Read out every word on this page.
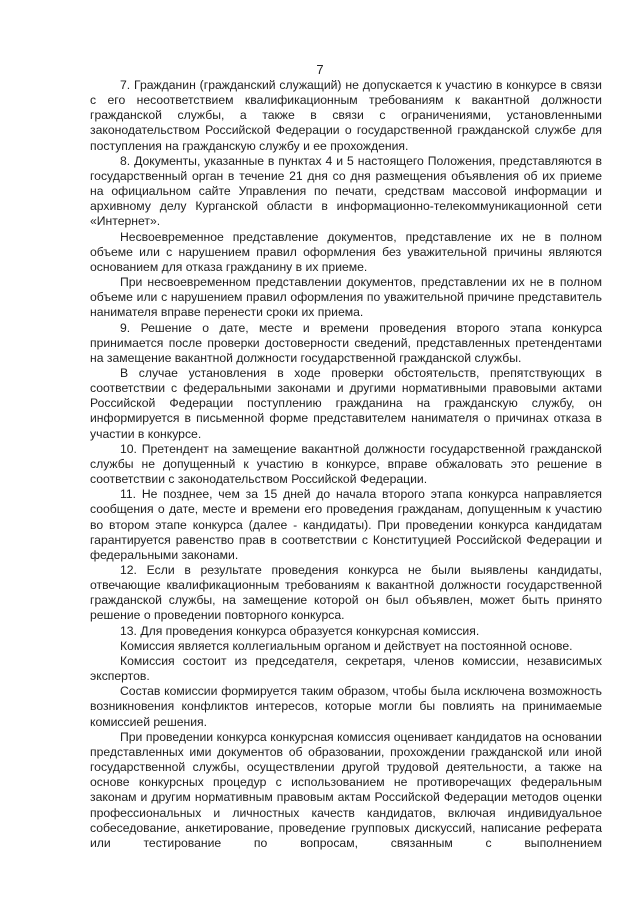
7

7. Гражданин (гражданский служащий) не допускается к участию в конкурсе в связи с его несоответствием квалификационным требованиям к вакантной должности гражданской службы, а также в связи с ограничениями, установленными законодательством Российской Федерации о государственной гражданской службе для поступления на гражданскую службу и ее прохождения.

8. Документы, указанные в пунктах 4 и 5 настоящего Положения, представляются в государственный орган в течение 21 дня со дня размещения объявления об их приеме на официальном сайте Управления по печати, средствам массовой информации и архивному делу Курганской области в информационно-телекоммуникационной сети «Интернет».

Несвоевременное представление документов, представление их не в полном объеме или с нарушением правил оформления без уважительной причины являются основанием для отказа гражданину в их приеме.

При несвоевременном представлении документов, представлении их не в полном объеме или с нарушением правил оформления по уважительной причине представитель нанимателя вправе перенести сроки их приема.

9. Решение о дате, месте и времени проведения второго этапа конкурса принимается после проверки достоверности сведений, представленных претендентами на замещение вакантной должности государственной гражданской службы.

В случае установления в ходе проверки обстоятельств, препятствующих в соответствии с федеральными законами и другими нормативными правовыми актами Российской Федерации поступлению гражданина на гражданскую службу, он информируется в письменной форме представителем нанимателя о причинах отказа в участии в конкурсе.

10. Претендент на замещение вакантной должности государственной гражданской службы не допущенный к участию в конкурсе, вправе обжаловать это решение в соответствии с законодательством Российской Федерации.

11. Не позднее, чем за 15 дней до начала второго этапа конкурса направляется сообщения о дате, месте и времени его проведения гражданам, допущенным к участию во втором этапе конкурса (далее - кандидаты). При проведении конкурса кандидатам гарантируется равенство прав в соответствии с Конституцией Российской Федерации и федеральными законами.

12. Если в результате проведения конкурса не были выявлены кандидаты, отвечающие квалификационным требованиям к вакантной должности государственной гражданской службы, на замещение которой он был объявлен, может быть принято решение о проведении повторного конкурса.

13. Для проведения конкурса образуется конкурсная комиссия.

Комиссия является коллегиальным органом и действует на постоянной основе.

Комиссия состоит из председателя, секретаря, членов комиссии, независимых экспертов.

Состав комиссии формируется таким образом, чтобы была исключена возможность возникновения конфликтов интересов, которые могли бы повлиять на принимаемые комиссией решения.

При проведении конкурса конкурсная комиссия оценивает кандидатов на основании представленных ими документов об образовании, прохождении гражданской или иной государственной службы, осуществлении другой трудовой деятельности, а также на основе конкурсных процедур с использованием не противоречащих федеральным законам и другим нормативным правовым актам Российской Федерации методов оценки профессиональных и личностных качеств кандидатов, включая индивидуальное собеседование, анкетирование, проведение групповых дискуссий, написание реферата или тестирование по вопросам, связанным с выполнением
